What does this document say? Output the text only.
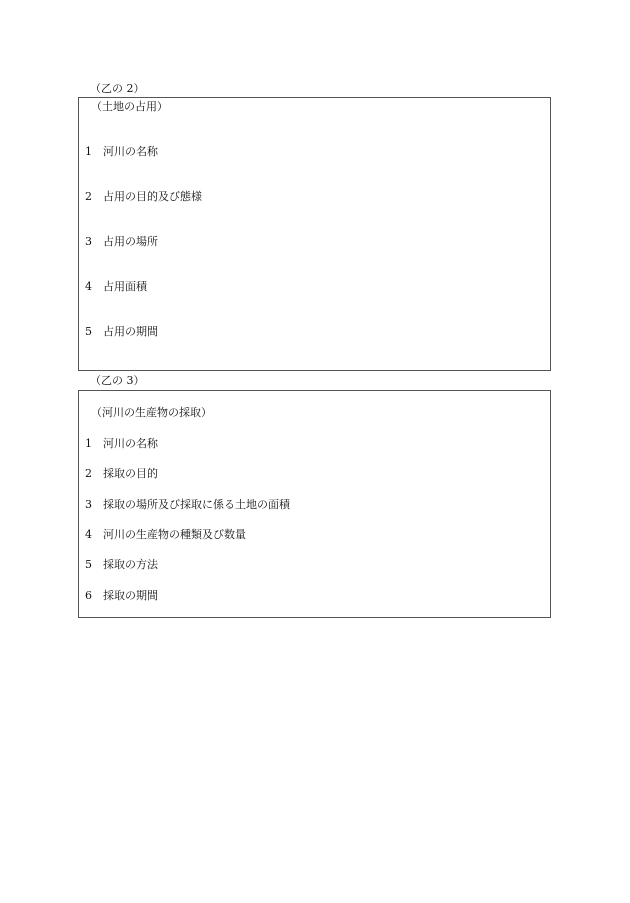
（乙の 2）
（土地の占用）
1 河川の名称
2 占用の目的及び態様
3 占用の場所
4 占用面積
5 占用の期間
（乙の 3）
（河川の生産物の採取）
1 河川の名称
2 採取の目的
3 採取の場所及び採取に係る土地の面積
4 河川の生産物の種類及び数量
5 採取の方法
6 採取の期間
